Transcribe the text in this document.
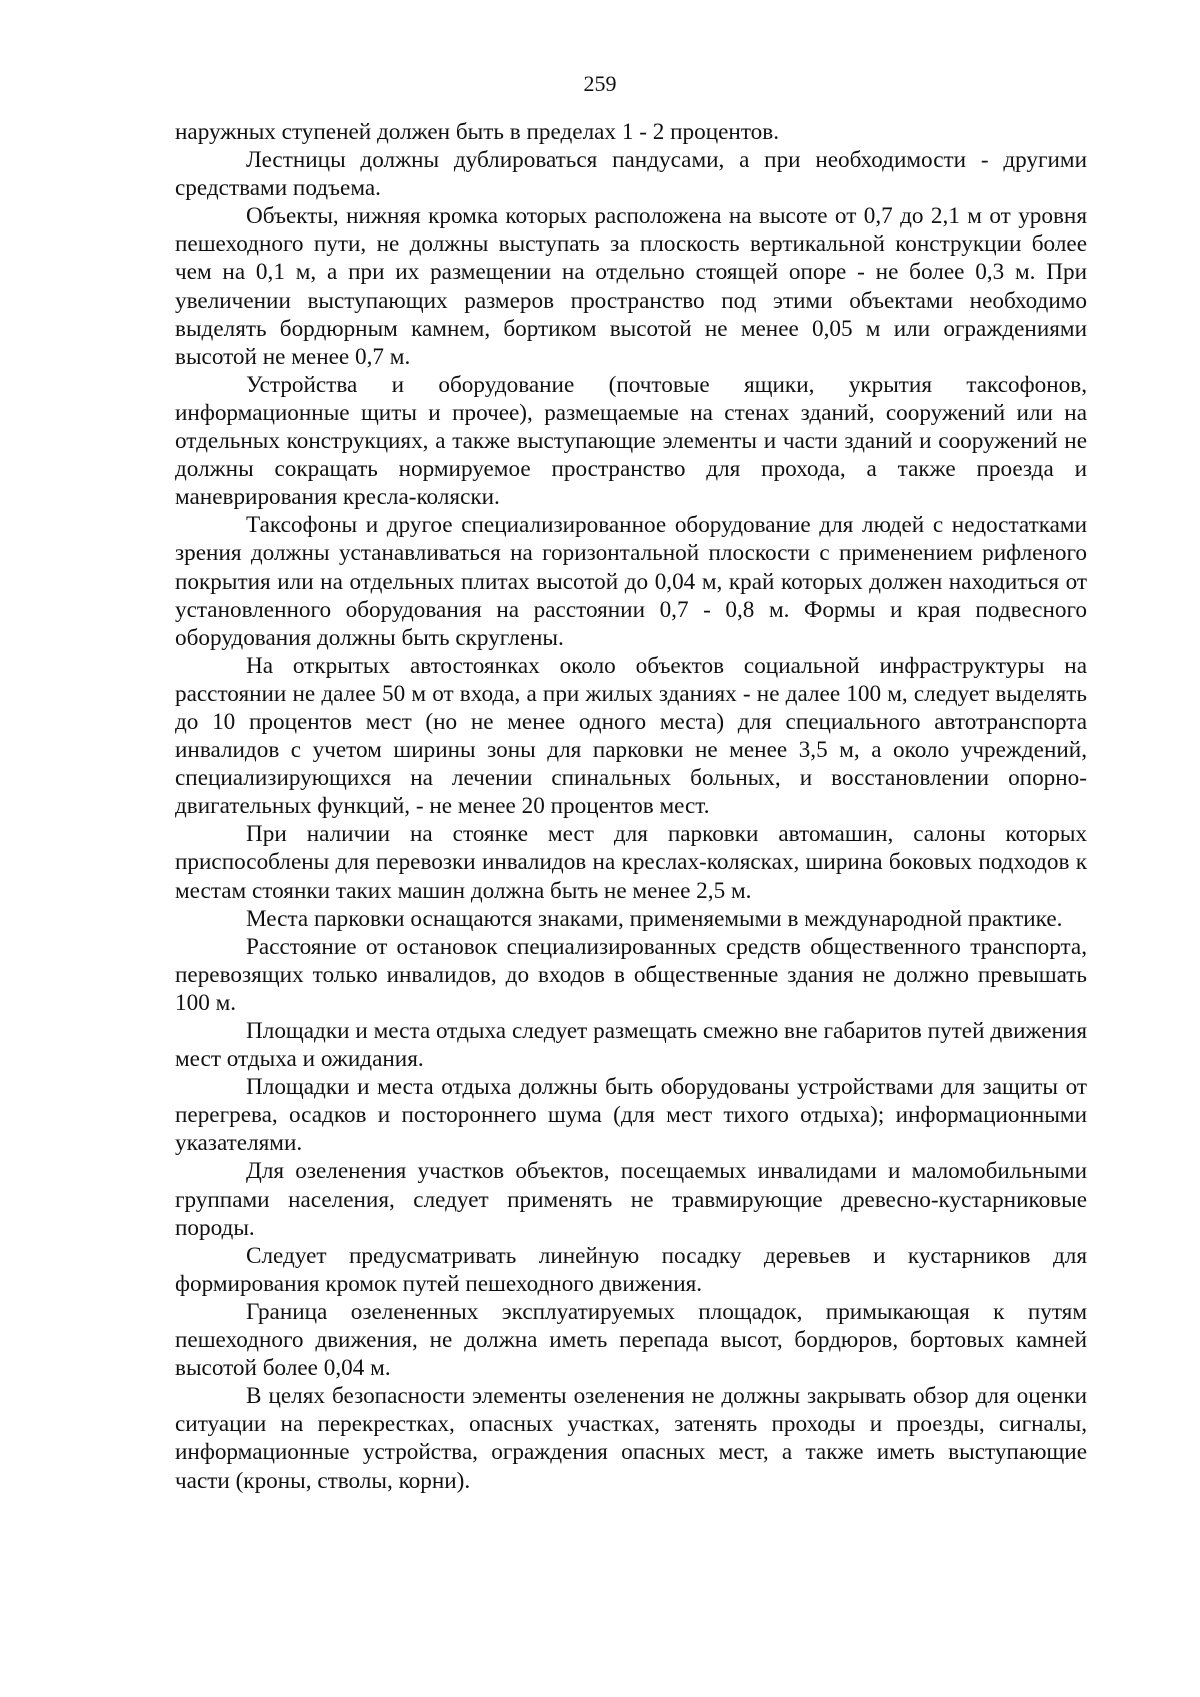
259

наружных ступеней должен быть в пределах 1 - 2 процентов.

Лестницы должны дублироваться пандусами, а при необходимости - другими средствами подъема.

Объекты, нижняя кромка которых расположена на высоте от 0,7 до 2,1 м от уровня пешеходного пути, не должны выступать за плоскость вертикальной конструкции более чем на 0,1 м, а при их размещении на отдельно стоящей опоре - не более 0,3 м. При увеличении выступающих размеров пространство под этими объектами необходимо выделять бордюрным камнем, бортиком высотой не менее 0,05 м или ограждениями высотой не менее 0,7 м.

Устройства и оборудование (почтовые ящики, укрытия таксофонов, информационные щиты и прочее), размещаемые на стенах зданий, сооружений или на отдельных конструкциях, а также выступающие элементы и части зданий и сооружений не должны сокращать нормируемое пространство для прохода, а также проезда и маневрирования кресла-коляски.

Таксофоны и другое специализированное оборудование для людей с недостатками зрения должны устанавливаться на горизонтальной плоскости с применением рифленого покрытия или на отдельных плитах высотой до 0,04 м, край которых должен находиться от установленного оборудования на расстоянии 0,7 - 0,8 м. Формы и края подвесного оборудования должны быть скруглены.

На открытых автостоянках около объектов социальной инфраструктуры на расстоянии не далее 50 м от входа, а при жилых зданиях - не далее 100 м, следует выделять до 10 процентов мест (но не менее одного места) для специального автотранспорта инвалидов с учетом ширины зоны для парковки не менее 3,5 м, а около учреждений, специализирующихся на лечении спинальных больных, и восстановлении опорно-двигательных функций, - не менее 20 процентов мест.

При наличии на стоянке мест для парковки автомашин, салоны которых приспособлены для перевозки инвалидов на креслах-колясках, ширина боковых подходов к местам стоянки таких машин должна быть не менее 2,5 м.

Места парковки оснащаются знаками, применяемыми в международной практике.

Расстояние от остановок специализированных средств общественного транспорта, перевозящих только инвалидов, до входов в общественные здания не должно превышать 100 м.

Площадки и места отдыха следует размещать смежно вне габаритов путей движения мест отдыха и ожидания.

Площадки и места отдыха должны быть оборудованы устройствами для защиты от перегрева, осадков и постороннего шума (для мест тихого отдыха); информационными указателями.

Для озеленения участков объектов, посещаемых инвалидами и маломобильными группами населения, следует применять не травмирующие древесно-кустарниковые породы.

Следует предусматривать линейную посадку деревьев и кустарников для формирования кромок путей пешеходного движения.

Граница озелененных эксплуатируемых площадок, примыкающая к путям пешеходного движения, не должна иметь перепада высот, бордюров, бортовых камней высотой более 0,04 м.

В целях безопасности элементы озеленения не должны закрывать обзор для оценки ситуации на перекрестках, опасных участках, затенять проходы и проезды, сигналы, информационные устройства, ограждения опасных мест, а также иметь выступающие части (кроны, стволы, корни).
